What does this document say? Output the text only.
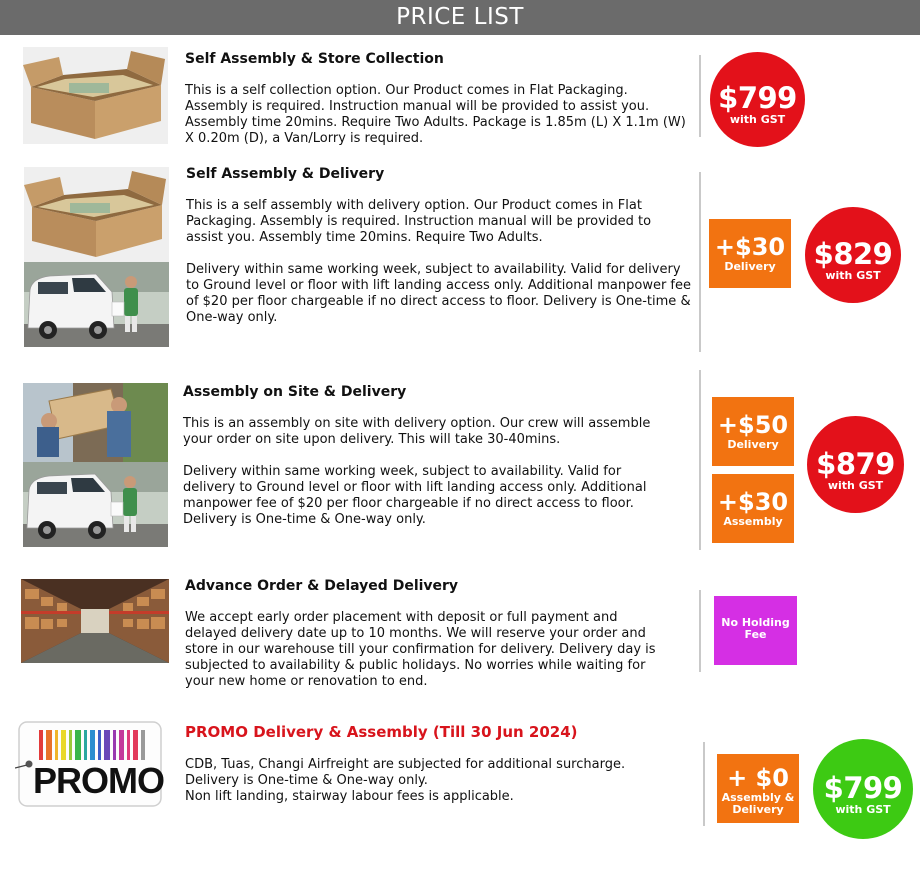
PRICE LIST
Self Assembly & Store Collection
This is a self collection option. Our Product comes in Flat Packaging. Assembly is required. Instruction manual will be provided to assist you. Assembly time 20mins. Require Two Adults. Package is 1.85m (L) X 1.1m (W) X 0.20m (D), a Van/Lorry is required.
$799
with GST
Self Assembly & Delivery
This is a self assembly with delivery option. Our Product comes in Flat Packaging. Assembly is required. Instruction manual will be provided to assist you. Assembly time 20mins. Require Two Adults.
Delivery within same working week, subject to availability. Valid for delivery to Ground level or floor with lift landing access only. Additional manpower fee of $20 per floor chargeable if no direct access to floor. Delivery is One-time & One-way only.
+$30
Delivery	$829
with GST
Assembly on Site & Delivery
This is an assembly on site with delivery option. Our crew will assemble your order on site upon delivery. This will take 30-40mins.
Delivery within same working week, subject to availability. Valid for delivery to Ground level or floor with lift landing access only. Additional manpower fee of $20 per floor chargeable if no direct access to floor. Delivery is One-time & One-way only.
+$50
Delivery
+$30
Assembly
$879
with GST
Advance Order & Delayed Delivery
We accept early order placement with deposit or full payment and delayed delivery date up to 10 months. We will reserve your order and store in our warehouse till your confirmation for delivery. Delivery day is subjected to availability & public holidays. No worries while waiting for your new home or renovation to end.
No Holding
Fee
PROMO
PROMO Delivery & Assembly (Till 30 Jun 2024)
CDB, Tuas, Changi Airfreight are subjected for additional surcharge.
Delivery is One-time & One-way only.
Non lift landing, stairway labour fees is applicable.
+ $0
Assembly &
Delivery
$799
with GST
